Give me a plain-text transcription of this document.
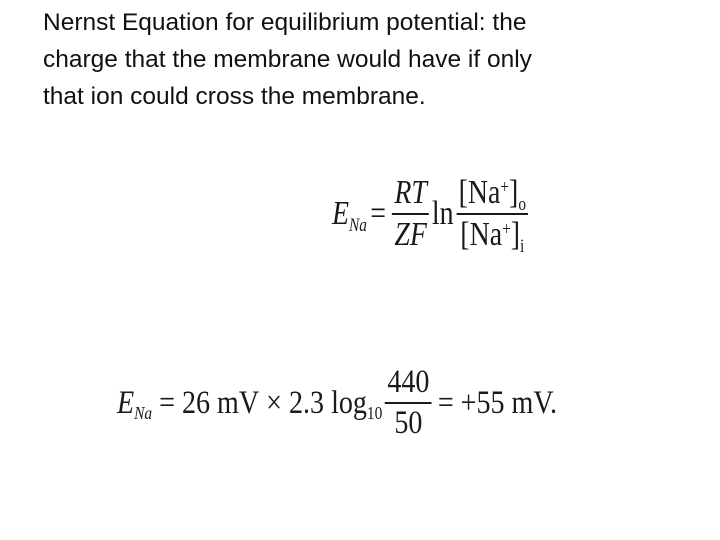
Nernst Equation for equilibrium potential: the
charge that the membrane would have if only
that ion could cross the membrane.
ENa = $\frac{RT}{ZF}$ $\ln \frac{[Na^+]o}{[Na^+]i}$
ENa = 26 mV × 2.3 $\log 10 \frac{440}{50} = +55$ mV.
